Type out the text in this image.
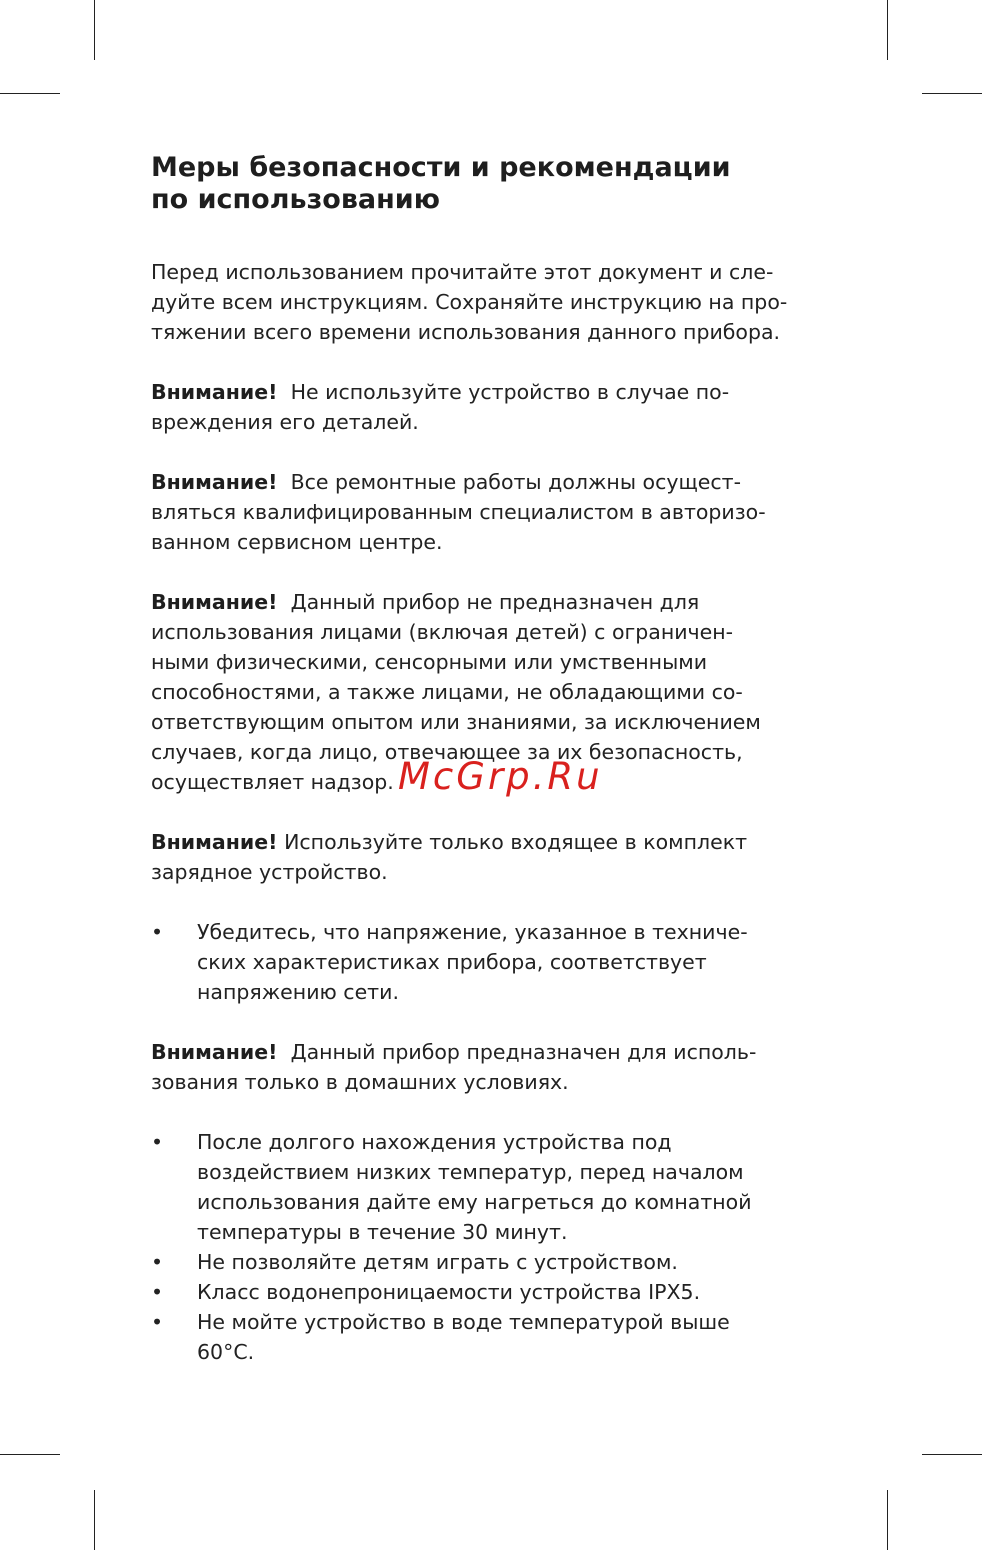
Меры безопасности и рекомендации
по использованию

Перед использованием прочитайте этот документ и сле-
дуйте всем инструкциям. Сохраняйте инструкцию на про-
тяжении всего времени использования данного прибора.

Внимание! Не используйте устройство в случае по-
вреждения его деталей.

Внимание! Все ремонтные работы должны осущест-
вляться квалифицированным специалистом в авторизо-
ванном сервисном центре.

Внимание! Данный прибор не предназначен для
использования лицами (включая детей) с ограничен-
ными физическими, сенсорными или умственными
способностями, а также лицами, не обладающими со-
ответствующим опытом или знаниями, за исключением
случаев, когда лицо, отвечающее за их безопасность,
осуществляет надзор.

Внимание! Используйте только входящее в комплект
зарядное устройство.

• Убедитесь, что напряжение, указанное в техниче-
ских характеристиках прибора, соответствует
напряжению сети.

Внимание! Данный прибор предназначен для исполь-
зования только в домашних условиях.

• После долгого нахождения устройства под
воздействием низких температур, перед началом
использования дайте ему нагреться до комнатной
температуры в течение 30 минут.
• Не позволяйте детям играть с устройством.
• Класс водонепроницаемости устройства IPX5.
• Не мойте устройство в воде температурой выше
60°С.
McGrp.Ru
